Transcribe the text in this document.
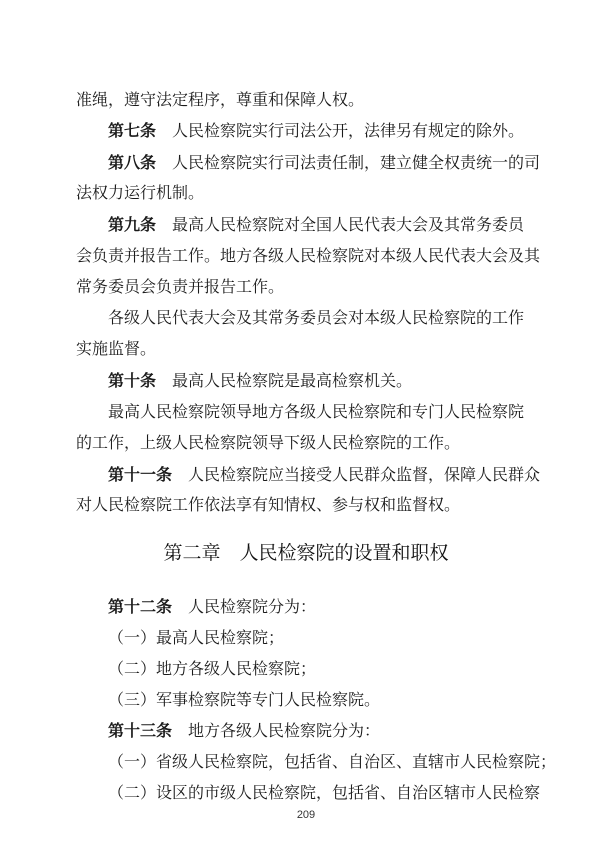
准绳，遵守法定程序，尊重和保障人权。
第七条 人民检察院实行司法公开，法律另有规定的除外。
第八条 人民检察院实行司法责任制，建立健全权责统一的司
法权力运行机制。
第九条 最高人民检察院对全国人民代表大会及其常务委员
会负责并报告工作。地方各级人民检察院对本级人民代表大会及其
常务委员会负责并报告工作。
各级人民代表大会及其常务委员会对本级人民检察院的工作
实施监督。
第十条 最高人民检察院是最高检察机关。
最高人民检察院领导地方各级人民检察院和专门人民检察院
的工作，上级人民检察院领导下级人民检察院的工作。
第十一条 人民检察院应当接受人民群众监督，保障人民群众
对人民检察院工作依法享有知情权、参与权和监督权。
第二章　人民检察院的设置和职权
第十二条 人民检察院分为：
（一）最高人民检察院；
（二）地方各级人民检察院；
（三）军事检察院等专门人民检察院。
第十三条 地方各级人民检察院分为：
（一）省级人民检察院，包括省、自治区、直辖市人民检察院；
（二）设区的市级人民检察院，包括省、自治区辖市人民检察
209
